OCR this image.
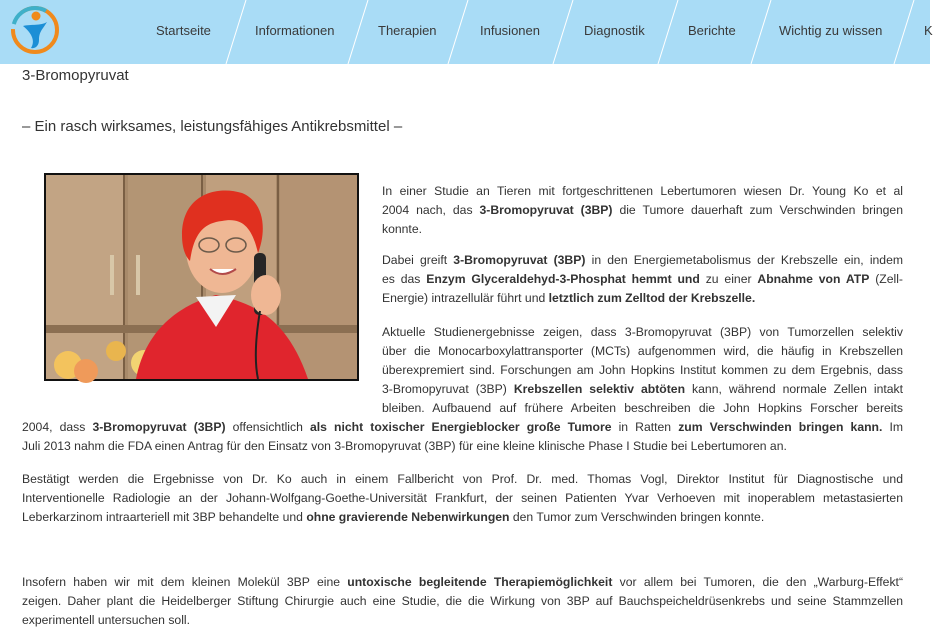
Startseite	Informationen	Therapien	Infusionen	Diagnostik	Berichte	Wichtig zu wissen	K
3-Bromopyruvat
– Ein rasch wirksames, leistungsfähiges Antikrebsmittel –
In einer Studie an Tieren mit fortgeschrittenen Lebertumoren wiesen Dr. Young Ko et al
2004 nach, das 3-Bromopyruvat (3BP) die Tumore dauerhaft zum Verschwinden bringen
konnte.
Dabei greift 3-Bromopyruvat (3BP) in den Energiemetabolismus der Krebszelle ein, indem
es das Enzym Glyceraldehyd-3-Phosphat hemmt und zu einer Abnahme von ATP (Zell-
Energie) intrazellulär führt und letztlich zum Zelltod der Krebszelle.
Aktuelle Studienergebnisse zeigen, dass 3-Bromopyruvat (3BP) von Tumorzellen selektiv
über die Monocarboxylattransporter (MCTs) aufgenommen wird, die häufig in Krebszellen
überexpremiert sind. Forschungen am John Hopkins Institut kommen zu dem Ergebnis, dass
3-Bromopyruvat (3BP) Krebszellen selektiv abtöten kann, während normale Zellen intakt
bleiben. Aufbauend auf frühere Arbeiten beschreiben die John Hopkins Forscher bereits
2004, dass 3-Bromopyruvat (3BP) offensichtlich als nicht toxischer Energieblocker große Tumore in Ratten zum Verschwinden bringen kann. Im
Juli 2013 nahm die FDA einen Antrag für den Einsatz von 3-Bromopyruvat (3BP) für eine kleine klinische Phase I Studie bei Lebertumoren an.
Bestätigt werden die Ergebnisse von Dr. Ko auch in einem Fallbericht von Prof. Dr. med. Thomas Vogl, Direktor Institut für Diagnostische und
Interventionelle Radiologie an der Johann-Wolfgang-Goethe-Universität Frankfurt, der seinen Patienten Yvar Verhoeven mit inoperablem metastasierten
Leberkarzinom intraarteriell mit 3BP behandelte und ohne gravierende Nebenwirkungen den Tumor zum Verschwinden bringen konnte.
Insofern haben wir mit dem kleinen Molekül 3BP eine untoxische begleitende Therapiemöglichkeit vor allem bei Tumoren, die den „Warburg-Effekt“
zeigen. Daher plant die Heidelberger Stiftung Chirurgie auch eine Studie, die die Wirkung von 3BP auf Bauchspeicheldrüsenkrebs und seine Stammzellen
experimentell untersuchen soll.
